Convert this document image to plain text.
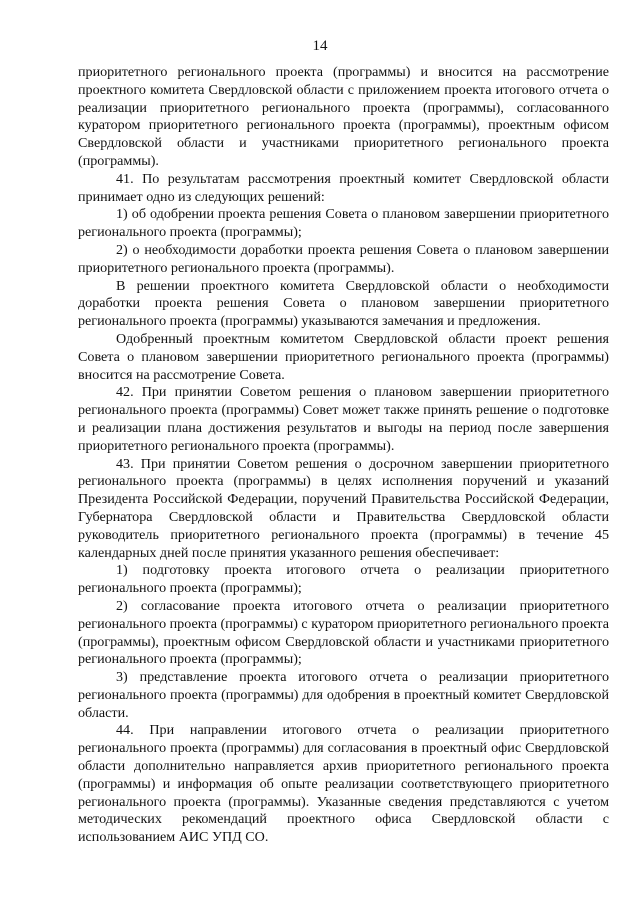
14

приоритетного регионального проекта (программы) и вносится на рассмотрение проектного комитета Свердловской области с приложением проекта итогового отчета о реализации приоритетного регионального проекта (программы), согласованного куратором приоритетного регионального проекта (программы), проектным офисом Свердловской области и участниками приоритетного регионального проекта (программы).

41. По результатам рассмотрения проектный комитет Свердловской области принимает одно из следующих решений:

1) об одобрении проекта решения Совета о плановом завершении приоритетного регионального проекта (программы);

2) о необходимости доработки проекта решения Совета о плановом завершении приоритетного регионального проекта (программы).

В решении проектного комитета Свердловской области о необходимости доработки проекта решения Совета о плановом завершении приоритетного регионального проекта (программы) указываются замечания и предложения.

Одобренный проектным комитетом Свердловской области проект решения Совета о плановом завершении приоритетного регионального проекта (программы) вносится на рассмотрение Совета.

42. При принятии Советом решения о плановом завершении приоритетного регионального проекта (программы) Совет может также принять решение о подготовке и реализации плана достижения результатов и выгоды на период после завершения приоритетного регионального проекта (программы).

43. При принятии Советом решения о досрочном завершении приоритетного регионального проекта (программы) в целях исполнения поручений и указаний Президента Российской Федерации, поручений Правительства Российской Федерации, Губернатора Свердловской области и Правительства Свердловской области руководитель приоритетного регионального проекта (программы) в течение 45 календарных дней после принятия указанного решения обеспечивает:

1) подготовку проекта итогового отчета о реализации приоритетного регионального проекта (программы);

2) согласование проекта итогового отчета о реализации приоритетного регионального проекта (программы) с куратором приоритетного регионального проекта (программы), проектным офисом Свердловской области и участниками приоритетного регионального проекта (программы);

3) представление проекта итогового отчета о реализации приоритетного регионального проекта (программы) для одобрения в проектный комитет Свердловской области.

44. При направлении итогового отчета о реализации приоритетного регионального проекта (программы) для согласования в проектный офис Свердловской области дополнительно направляется архив приоритетного регионального проекта (программы) и информация об опыте реализации соответствующего приоритетного регионального проекта (программы). Указанные сведения представляются с учетом методических рекомендаций проектного офиса Свердловской области с использованием АИС УПД СО.
